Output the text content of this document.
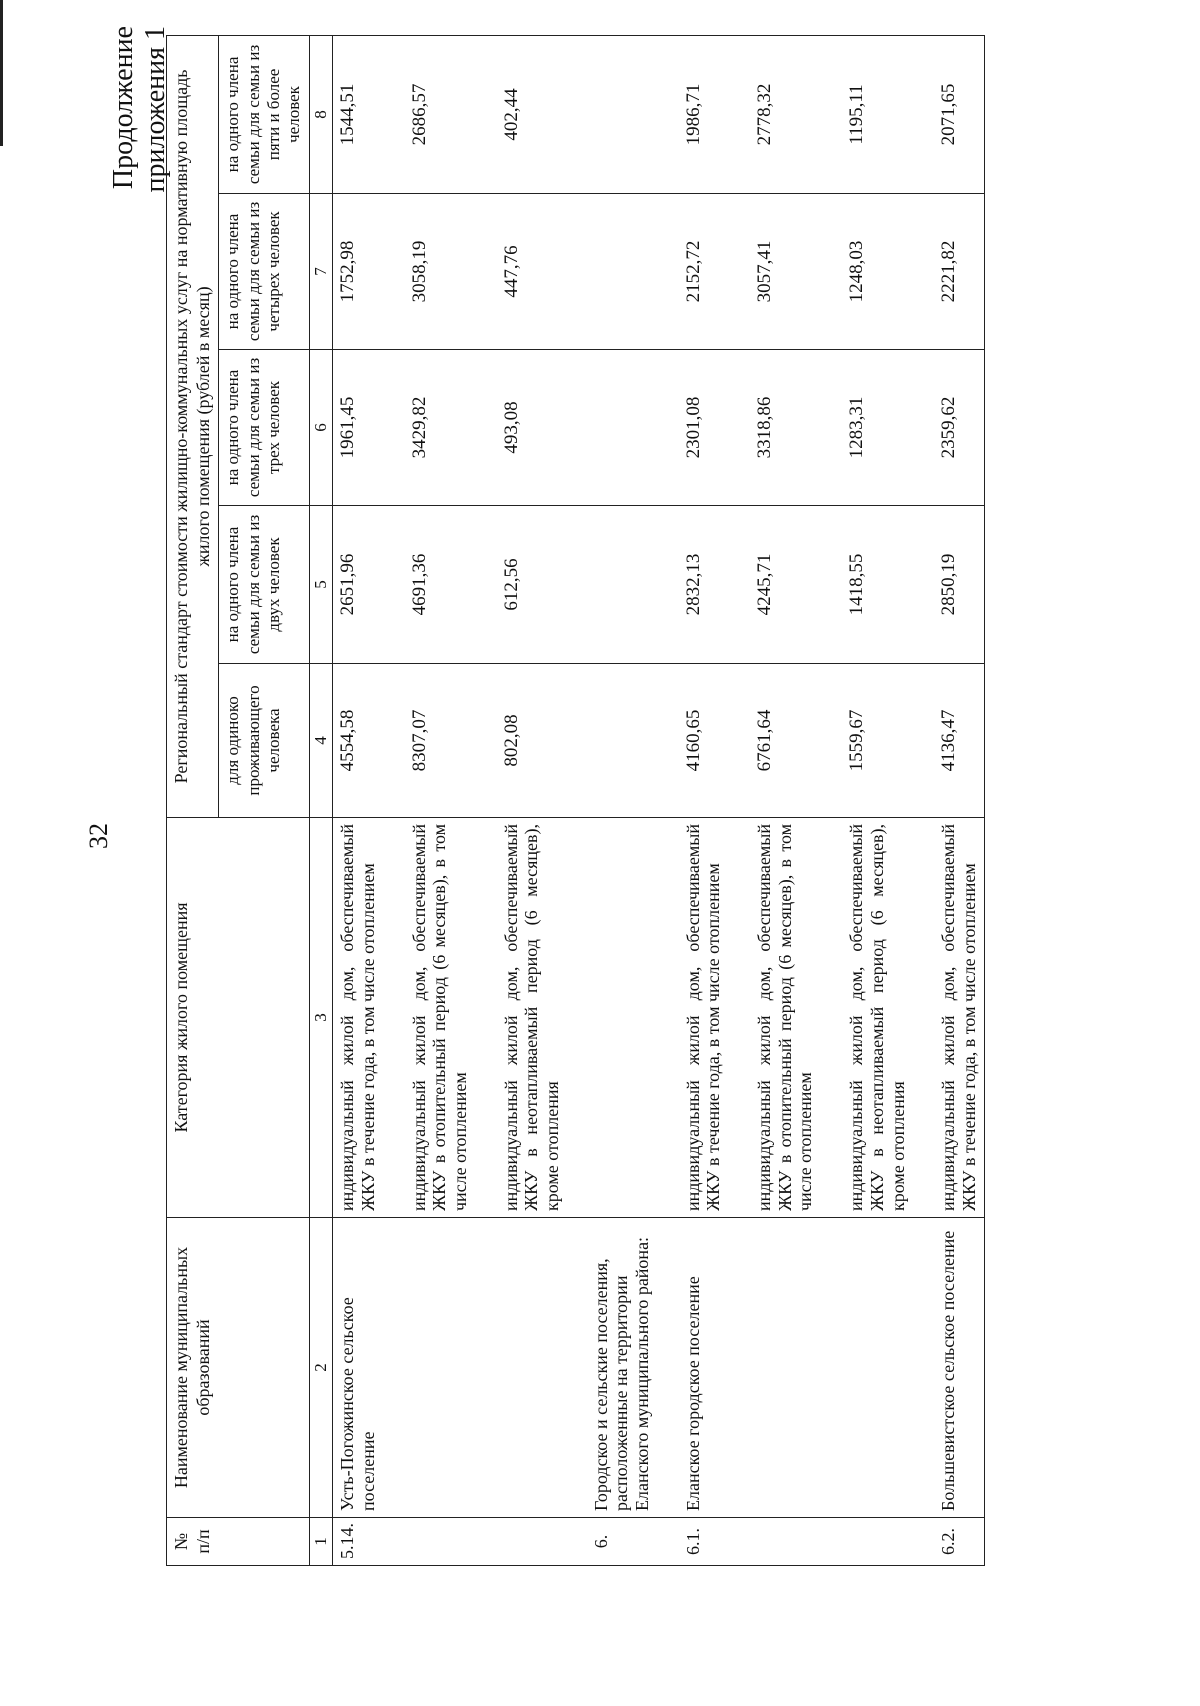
32
Продолжение приложения 1
№ п/п	Наименование муниципальных образований	Категория жилого помещения	Региональный стандарт стоимости жилищно-коммунальных услуг на нормативную площадь жилого помещения (рублей в месяц)				
			для одиноко проживающего человека	на одного члена семьи для семьи из двух человек	на одного члена семьи для семьи из трех человек	на одного члена семьи для семьи из четырех человек	на одного члена семьи для семьи из пяти и более человек
1	2	3	4	5	6	7	8
5.14.	Усть-Погожинское сельское поселение	индивидуальный жилой дом, обеспечиваемый ЖКУ в течение года, в том числе отоплением	4554,58	2651,96	1961,45	1752,98	1544,51

		индивидуальный жилой дом, обеспечиваемый ЖКУ в отопительный период (6 месяцев), в том числе отоплением	8307,07	4691,36	3429,82	3058,19	2686,57

		индивидуальный жилой дом, обеспечиваемый ЖКУ в неотапливаемый период (6 месяцев), кроме отопления	802,08	612,56	493,08	447,76	402,44

6.	Городское и сельские поселения, расположенные на территории Еланского муниципального района:						

6.1.	Еланское городское поселение	индивидуальный жилой дом, обеспечиваемый ЖКУ в течение года, в том числе отоплением	4160,65	2832,13	2301,08	2152,72	1986,71

		индивидуальный жилой дом, обеспечиваемый ЖКУ в отопительный период (6 месяцев), в том числе отоплением	6761,64	4245,71	3318,86	3057,41	2778,32

		индивидуальный жилой дом, обеспечиваемый ЖКУ в неотапливаемый период (6 месяцев), кроме отопления	1559,67	1418,55	1283,31	1248,03	1195,11

6.2.	Большевистское сельское поселение	индивидуальный жилой дом, обеспечиваемый ЖКУ в течение года, в том числе отоплением	4136,47	2850,19	2359,62	2221,82	2071,65
